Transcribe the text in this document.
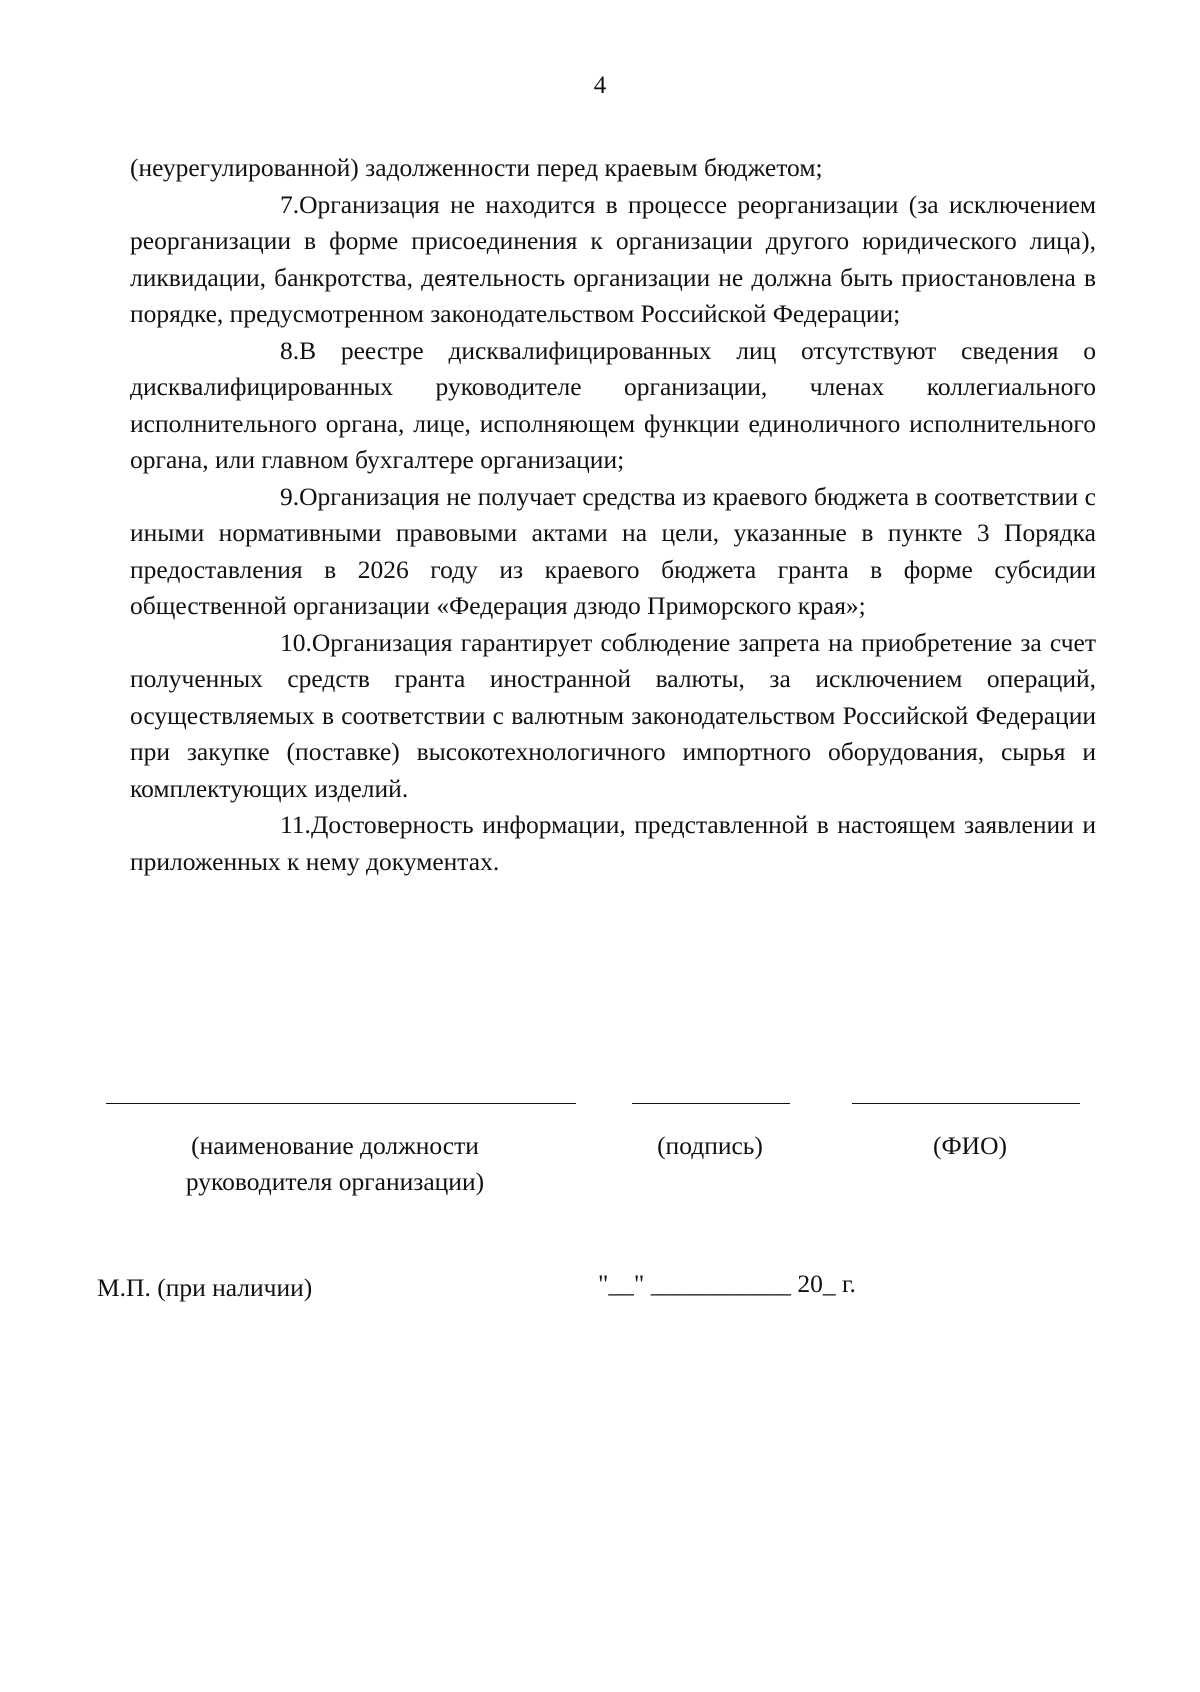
4

(неурегулированной) задолженности перед краевым бюджетом;

7.Организация не находится в процессе реорганизации (за исключением реорганизации в форме присоединения к организации другого юридического лица), ликвидации, банкротства, деятельность организации не должна быть приостановлена в порядке, предусмотренном законодательством Российской Федерации;

8.В реестре дисквалифицированных лиц отсутствуют сведения о дисквалифицированных руководителе организации, членах коллегиального исполнительного органа, лице, исполняющем функции единоличного исполнительного органа, или главном бухгалтере организации;

9.Организация не получает средства из краевого бюджета в соответствии с иными нормативными правовыми актами на цели, указанные в пункте 3 Порядка предоставления в 2026 году из краевого бюджета гранта в форме субсидии общественной организации «Федерация дзюдо Приморского края»;

10.Организация гарантирует соблюдение запрета на приобретение за счет полученных средств гранта иностранной валюты, за исключением операций, осуществляемых в соответствии с валютным законодательством Российской Федерации при закупке (поставке) высокотехнологичного импортного оборудования, сырья и комплектующих изделий.

11.Достоверность информации, представленной в настоящем заявлении и приложенных к нему документах.

(наименование должности
руководителя организации)
(подпись)	(ФИО)
М.П. (при наличии)	"__" ___________ 20_ г.
